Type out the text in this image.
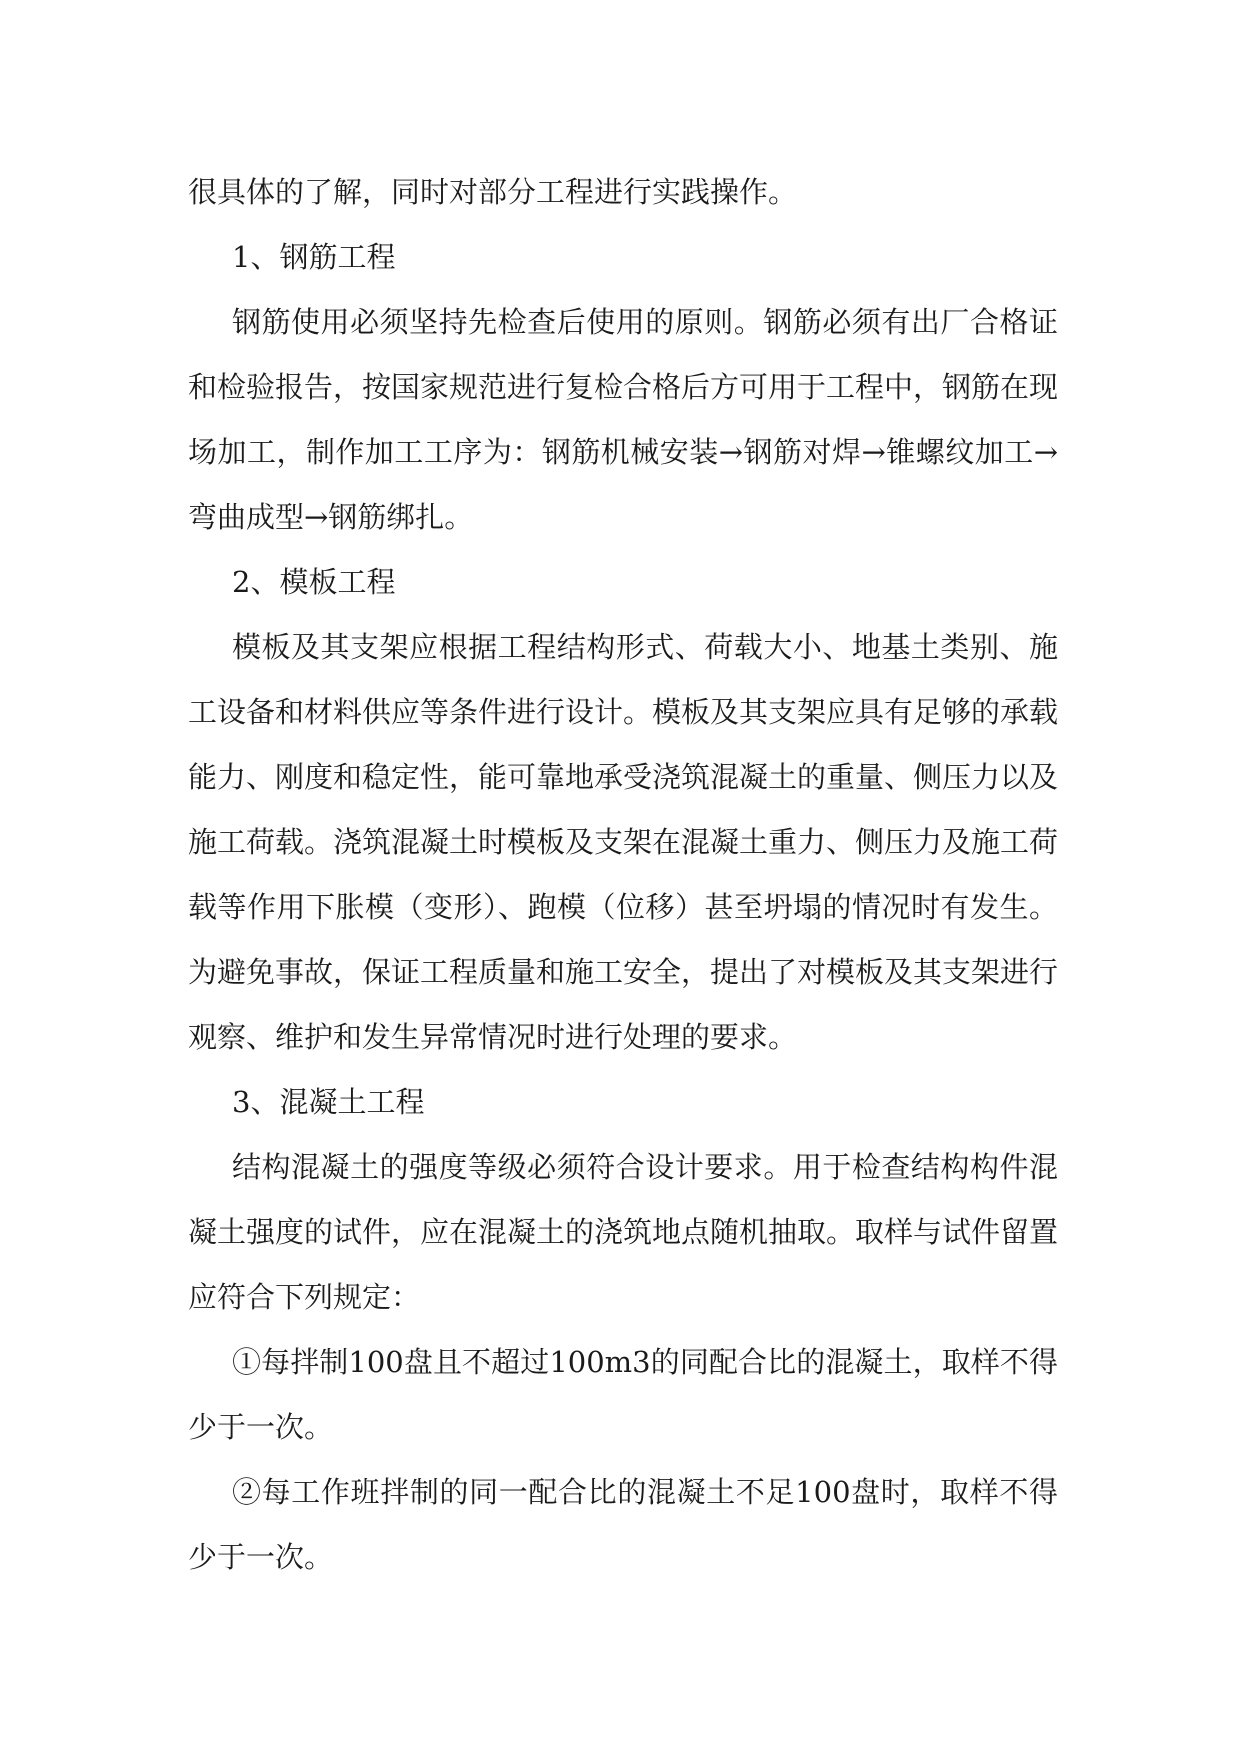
很具体的了解，同时对部分工程进行实践操作。

1、钢筋工程

钢筋使用必须坚持先检查后使用的原则。钢筋必须有出厂合格证和检验报告，按国家规范进行复检合格后方可用于工程中，钢筋在现场加工，制作加工工序为：钢筋机械安装→钢筋对焊→锥螺纹加工→弯曲成型→钢筋绑扎。

2、模板工程

模板及其支架应根据工程结构形式、荷载大小、地基土类别、施工设备和材料供应等条件进行设计。模板及其支架应具有足够的承载能力、刚度和稳定性，能可靠地承受浇筑混凝土的重量、侧压力以及施工荷载。浇筑混凝土时模板及支架在混凝土重力、侧压力及施工荷载等作用下胀模（变形）、跑模（位移）甚至坍塌的情况时有发生。为避免事故，保证工程质量和施工安全，提出了对模板及其支架进行观察、维护和发生异常情况时进行处理的要求。

3、混凝土工程

结构混凝土的强度等级必须符合设计要求。用于检查结构构件混凝土强度的试件，应在混凝土的浇筑地点随机抽取。取样与试件留置应符合下列规定：

①每拌制100盘且不超过100m3的同配合比的混凝土，取样不得少于一次。

②每工作班拌制的同一配合比的混凝土不足100盘时，取样不得少于一次。
